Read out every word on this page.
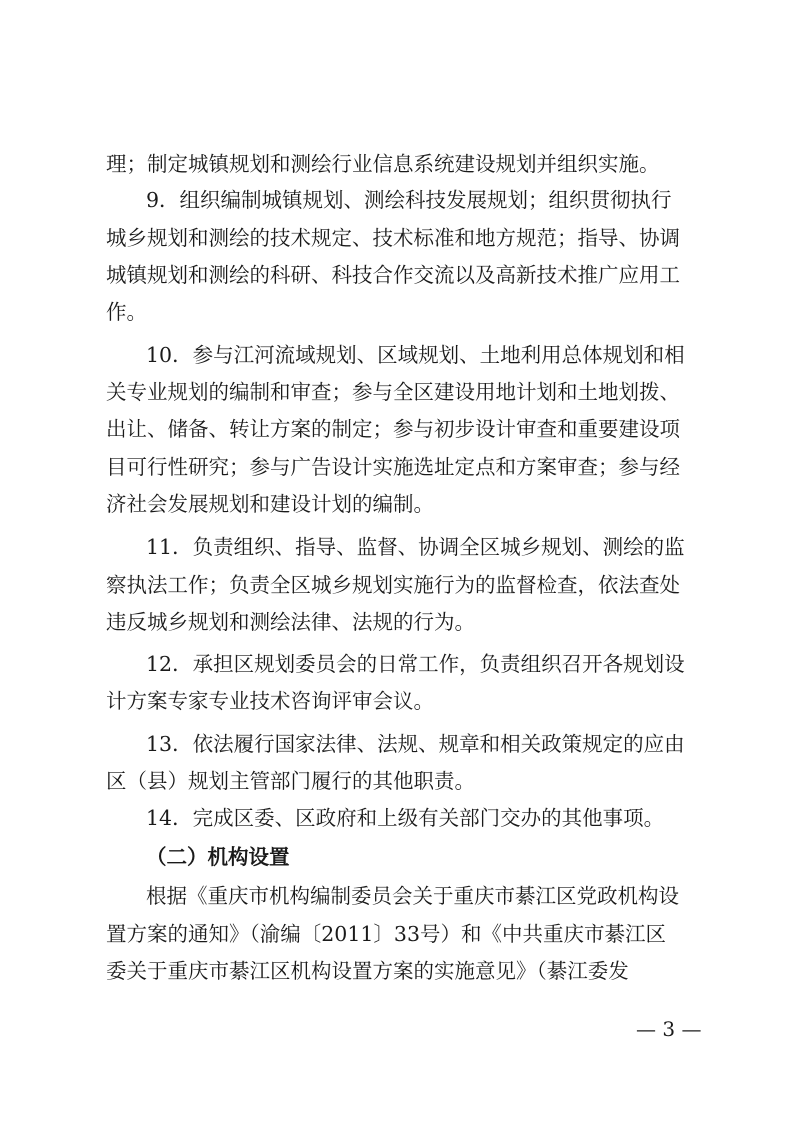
理；制定城镇规划和测绘行业信息系统建设规划并组织实施。
9．组织编制城镇规划、测绘科技发展规划；组织贯彻执行
城乡规划和测绘的技术规定、技术标准和地方规范；指导、协调
城镇规划和测绘的科研、科技合作交流以及高新技术推广应用工
作。
10．参与江河流域规划、区域规划、土地利用总体规划和相
关专业规划的编制和审查；参与全区建设用地计划和土地划拨、
出让、储备、转让方案的制定；参与初步设计审查和重要建设项
目可行性研究；参与广告设计实施选址定点和方案审查；参与经
济社会发展规划和建设计划的编制。
11．负责组织、指导、监督、协调全区城乡规划、测绘的监
察执法工作；负责全区城乡规划实施行为的监督检查，依法查处
违反城乡规划和测绘法律、法规的行为。
12．承担区规划委员会的日常工作，负责组织召开各规划设
计方案专家专业技术咨询评审会议。
13．依法履行国家法律、法规、规章和相关政策规定的应由
区（县）规划主管部门履行的其他职责。
14．完成区委、区政府和上级有关部门交办的其他事项。
（二）机构设置
根据《重庆市机构编制委员会关于重庆市綦江区党政机构设
置方案的通知》（渝编〔2011〕33号）和《中共重庆市綦江区
委关于重庆市綦江区机构设置方案的实施意见》（綦江委发
— 3 —
